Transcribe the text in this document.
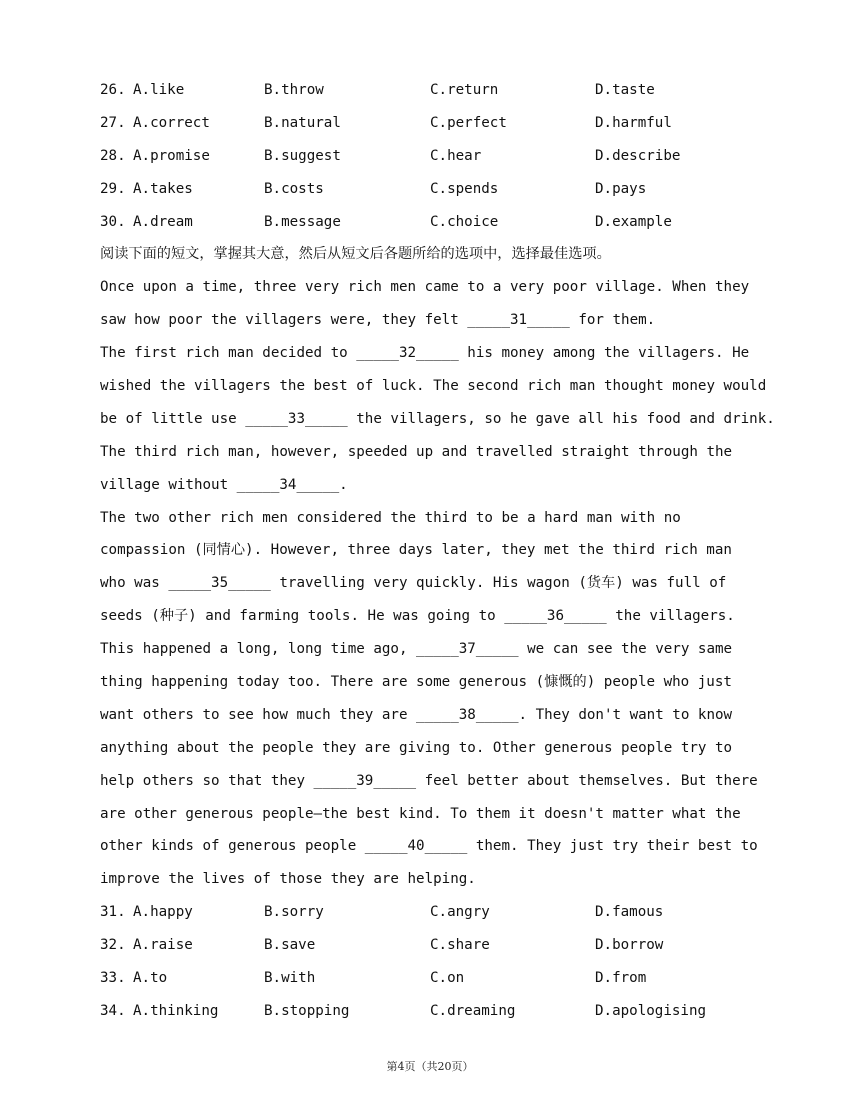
26. A.like	B.throw	C.return	D.taste
27. A.correct	B.natural	C.perfect	D.harmful
28. A.promise	B.suggest	C.hear	D.describe
29. A.takes	B.costs	C.spends	D.pays
30. A.dream	B.message	C.choice	D.example
阅读下面的短文，掌握其大意，然后从短文后各题所给的选项中，选择最佳选项。
Once upon a time, three very rich men came to a very poor village. When they
saw how poor the villagers were, they felt _____31_____ for them.
The first rich man decided to _____32_____ his money among the villagers. He
wished the villagers the best of luck. The second rich man thought money would
be of little use _____33_____ the villagers, so he gave all his food and drink.
The third rich man, however, speeded up and travelled straight through the
village without _____34_____.
The two other rich men considered the third to be a hard man with no
compassion (同情心). However, three days later, they met the third rich man
who was _____35_____ travelling very quickly. His wagon (货车) was full of
seeds (种子) and farming tools. He was going to _____36_____ the villagers.
This happened a long, long time ago, _____37_____ we can see the very same
thing happening today too. There are some generous (慷慨的) people who just
want others to see how much they are _____38_____. They don't want to know
anything about the people they are giving to. Other generous people try to
help others so that they _____39_____ feel better about themselves. But there
are other generous people—the best kind. To them it doesn't matter what the
other kinds of generous people _____40_____ them. They just try their best to
improve the lives of those they are helping.
31. A.happy	B.sorry	C.angry	D.famous
32. A.raise	B.save	C.share	D.borrow
33. A.to	B.with	C.on	D.from
34. A.thinking	B.stopping	C.dreaming	D.apologising
第4页（共20页）
